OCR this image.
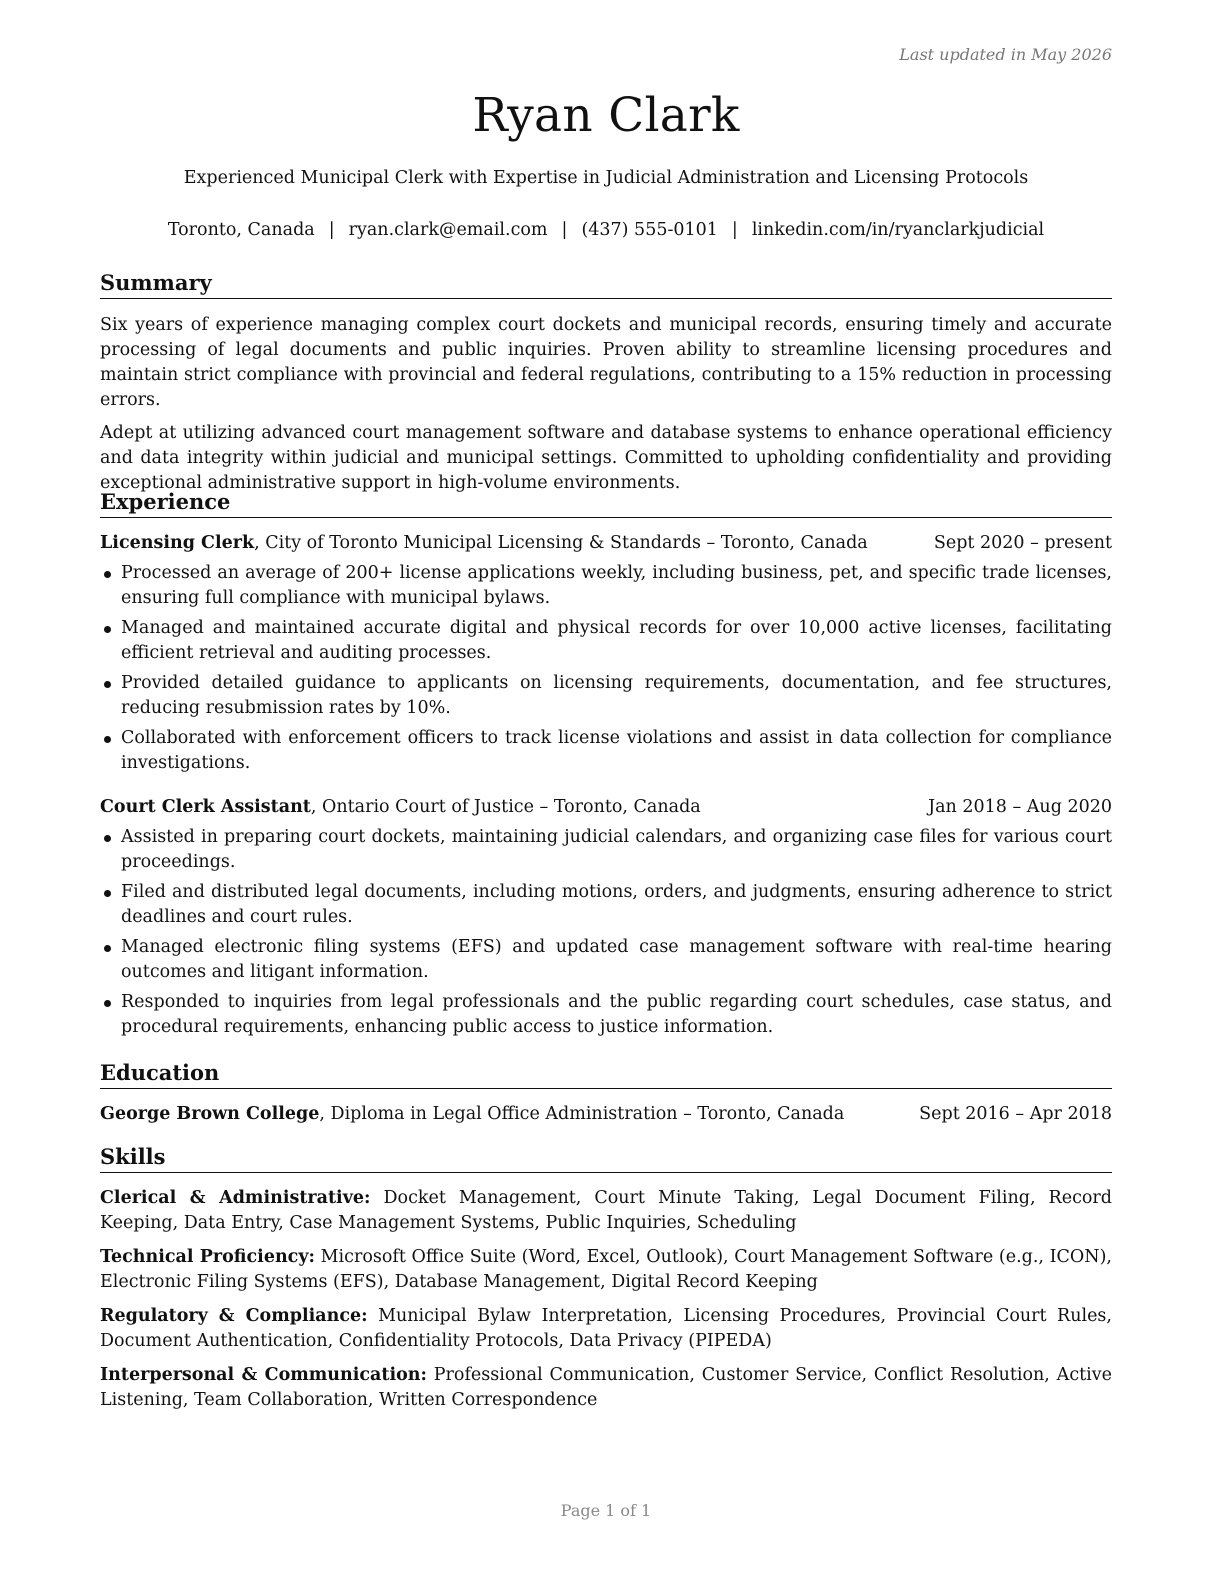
Last updated in May 2026
Ryan Clark
Experienced Municipal Clerk with Expertise in Judicial Administration and Licensing Protocols
Toronto, Canada | ryan.clark@email.com | (437) 555-0101 | linkedin.com/in/ryanclarkjudicial
Summary

Six years of experience managing complex court dockets and municipal records, ensuring timely and accurate processing of legal documents and public inquiries. Proven ability to streamline licensing procedures and maintain strict compliance with provincial and federal regulations, contributing to a 15% reduction in processing errors.

Adept at utilizing advanced court management software and database systems to enhance operational efficiency and data integrity within judicial and municipal settings. Committed to upholding confidentiality and providing exceptional administrative support in high-volume environments.

Experience
Licensing Clerk, City of Toronto Municipal Licensing & Standards – Toronto, Canada	Sept 2020 – present
Processed an average of 200+ license applications weekly, including business, pet, and specific trade licenses, ensuring full compliance with municipal bylaws.
Managed and maintained accurate digital and physical records for over 10,000 active licenses, facilitating efficient retrieval and auditing processes.
Provided detailed guidance to applicants on licensing requirements, documentation, and fee structures, reducing resubmission rates by 10%.
Collaborated with enforcement officers to track license violations and assist in data collection for compliance investigations.
Court Clerk Assistant, Ontario Court of Justice – Toronto, Canada	Jan 2018 – Aug 2020
Assisted in preparing court dockets, maintaining judicial calendars, and organizing case files for various court proceedings.
Filed and distributed legal documents, including motions, orders, and judgments, ensuring adherence to strict deadlines and court rules.
Managed electronic filing systems (EFS) and updated case management software with real-time hearing outcomes and litigant information.
Responded to inquiries from legal professionals and the public regarding court schedules, case status, and procedural requirements, enhancing public access to justice information.
Education
George Brown College, Diploma in Legal Office Administration – Toronto, Canada	Sept 2016 – Apr 2018
Skills

Clerical & Administrative: Docket Management, Court Minute Taking, Legal Document Filing, Record Keeping, Data Entry, Case Management Systems, Public Inquiries, Scheduling

Technical Proficiency: Microsoft Office Suite (Word, Excel, Outlook), Court Management Software (e.g., ICON), Electronic Filing Systems (EFS), Database Management, Digital Record Keeping

Regulatory & Compliance: Municipal Bylaw Interpretation, Licensing Procedures, Provincial Court Rules, Document Authentication, Confidentiality Protocols, Data Privacy (PIPEDA)

Interpersonal & Communication: Professional Communication, Customer Service, Conflict Resolution, Active Listening, Team Collaboration, Written Correspondence

Page 1 of 1
